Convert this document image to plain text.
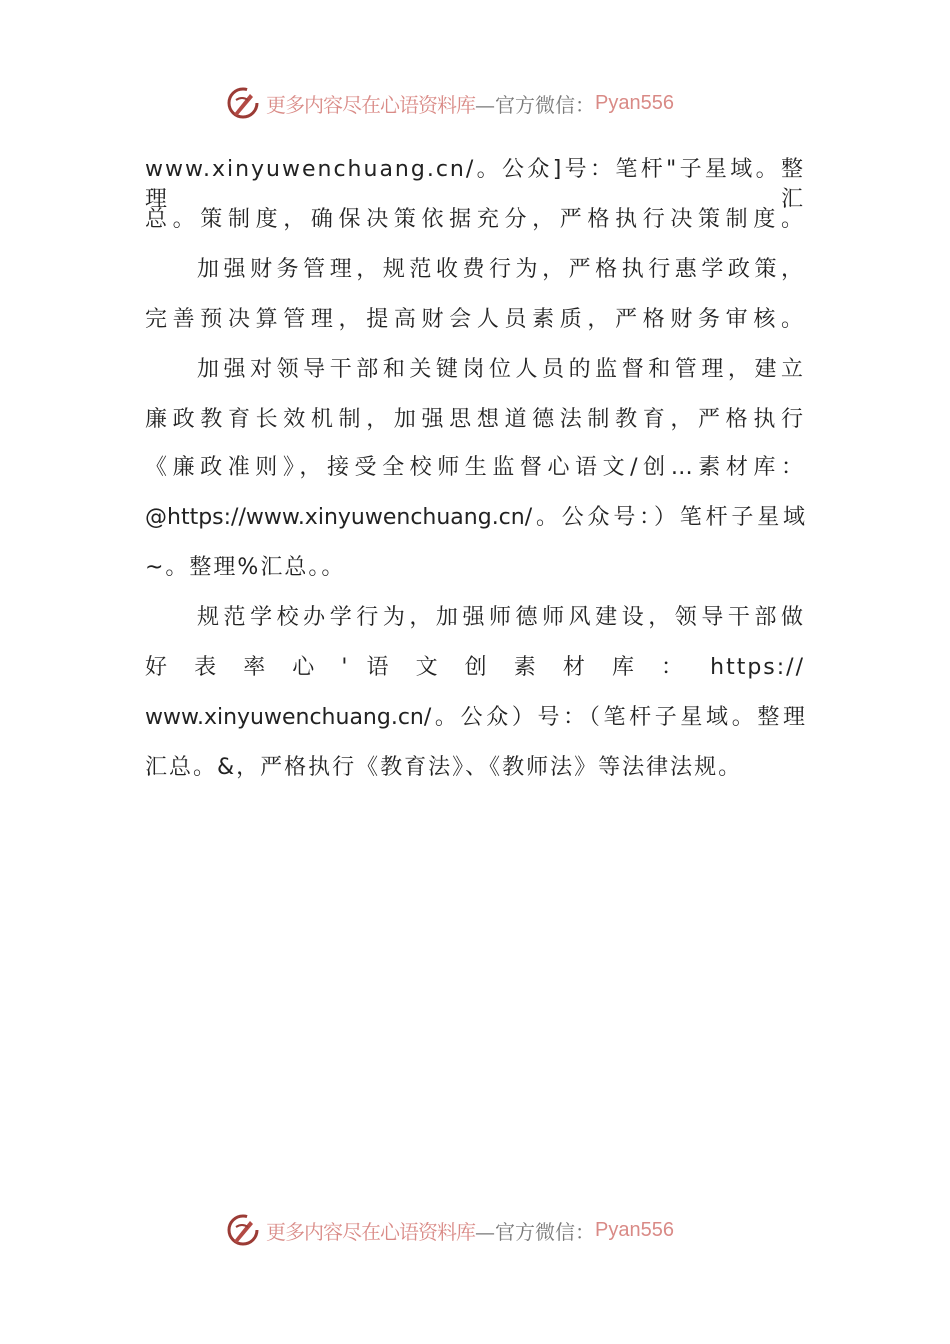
更多内容尽在心语资料库 —官方微信： Pyan556
www.xinyuwenchuang.cn/。公众]号：笔杆"子星域。整理汇
总。策制度，确保决策依据充分，严格执行决策制度。
加强财务管理，规范收费行为，严格执行惠学政策，
完善预决算管理，提高财会人员素质，严格财务审核。
加强对领导干部和关键岗位人员的监督和管理，建立
廉政教育长效机制，加强思想道德法制教育，严格执行
《廉政准则》，接受全校师生监督心语文/创…素材库：
@https://www.xinyuwenchuang.cn/。公众号：）笔杆子星域
~。整理%汇总。。
规范学校办学行为，加强师德师风建设，领导干部做
好 表 率 心 ' 语 文 创 素 材 库 ： https://
www.xinyuwenchuang.cn/。公众）号：（笔杆子星域。整理
汇总。&，严格执行《教育法》、《教师法》等法律法规。
更多内容尽在心语资料库 —官方微信： Pyan556
